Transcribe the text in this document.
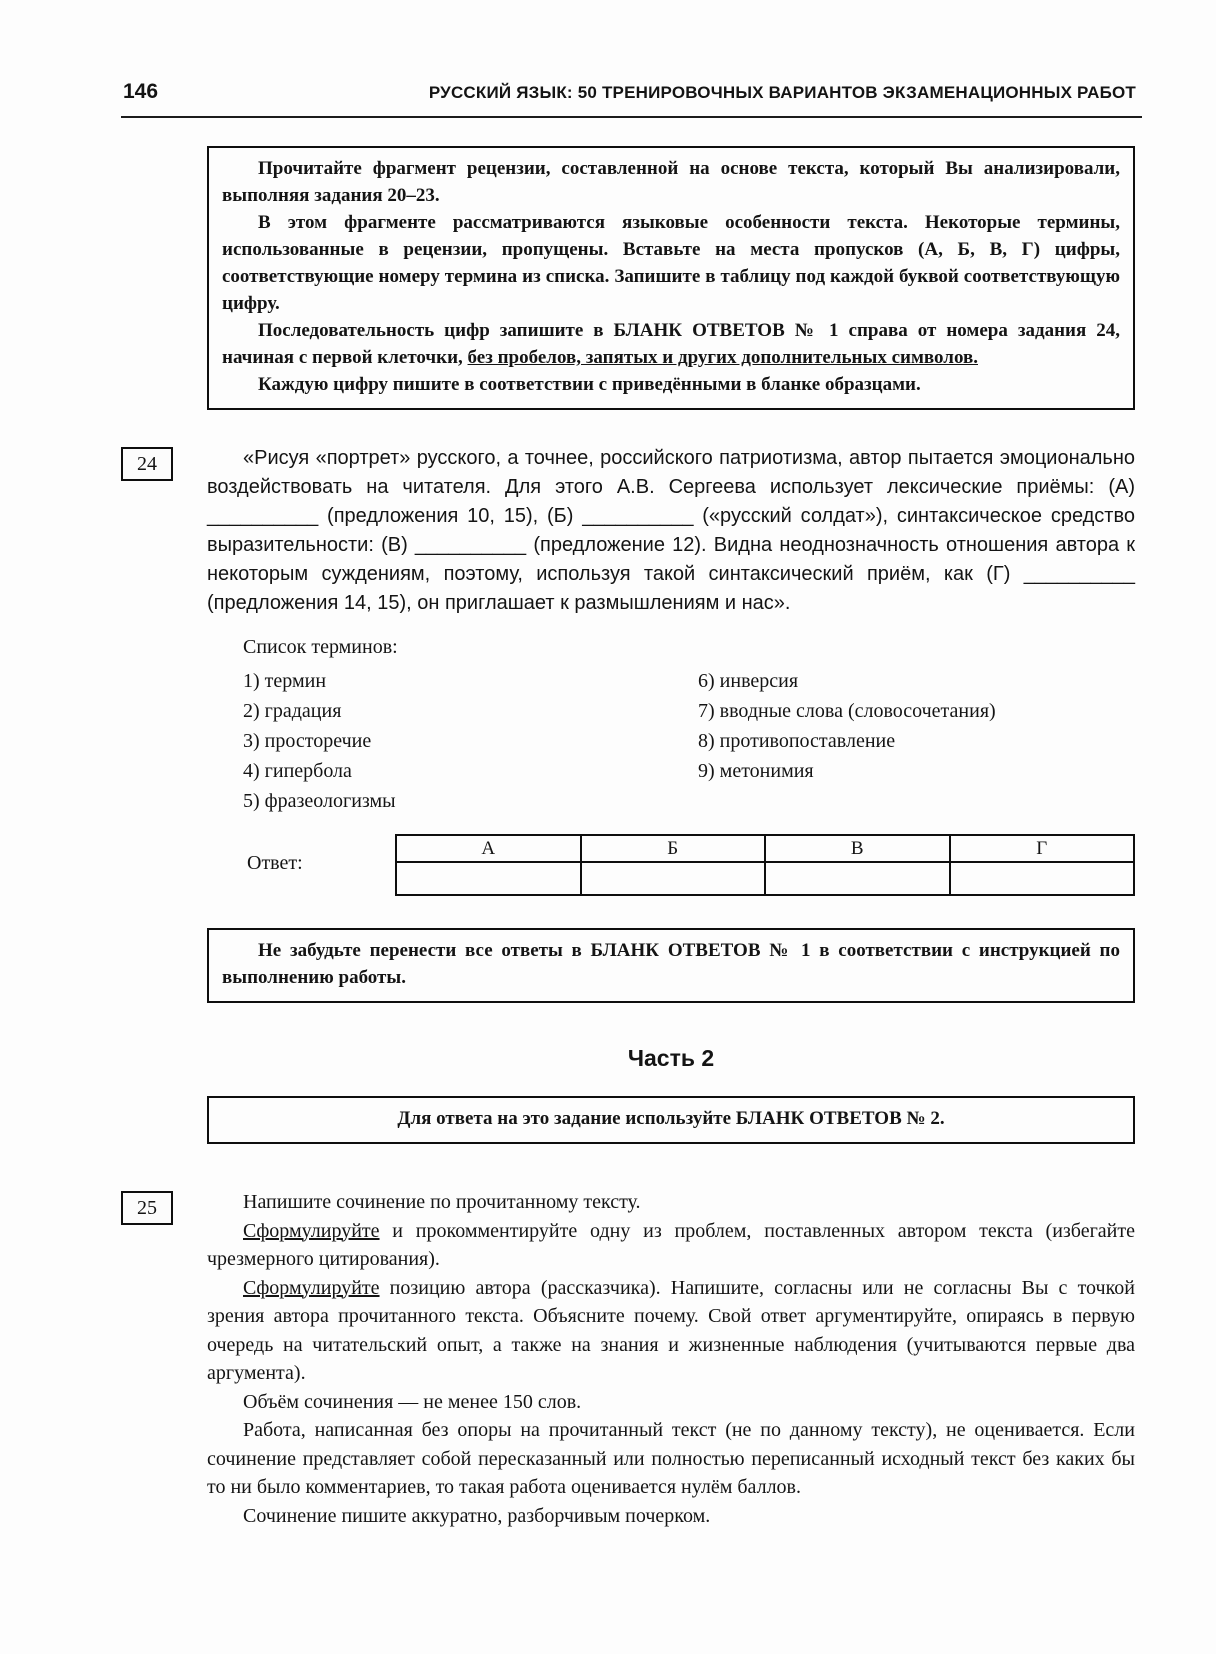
146	РУССКИЙ ЯЗЫК: 50 ТРЕНИРОВОЧНЫХ ВАРИАНТОВ ЭКЗАМЕНАЦИОННЫХ РАБОТ

Прочитайте фрагмент рецензии, составленной на основе текста, который Вы анализировали, выполняя задания 20–23.

В этом фрагменте рассматриваются языковые особенности текста. Некоторые термины, использованные в рецензии, пропущены. Вставьте на места пропусков (А, Б, В, Г) цифры, соответствующие номеру термина из списка. Запишите в таблицу под каждой буквой соответствующую цифру.

Последовательность цифр запишите в БЛАНК ОТВЕТОВ № 1 справа от номера задания 24, начиная с первой клеточки, без пробелов, запятых и других дополнительных символов.

Каждую цифру пишите в соответствии с приведёнными в бланке образцами.

24	«Рисуя «портрет» русского, а точнее, российского патриотизма, автор пытается эмоционально воздействовать на читателя. Для этого А.В. Сергеева использует лексические приёмы: (А) __________ (предложения 10, 15), (Б) __________ («русский солдат»), синтаксическое средство выразительности: (В) __________ (предложение 12). Видна неоднозначность отношения автора к некоторым суждениям, поэтому, используя такой синтаксический приём, как (Г) __________ (предложения 14, 15), он приглашает к размышлениям и нас».

Список терминов:

1) термин
2) градация
3) просторечие
4) гипербола
5) фразеологизмы
6) инверсия
7) вводные слова (словосочетания)
8) противопоставление
9) метонимия
Ответ:
А	Б	В	Г

Не забудьте перенести все ответы в БЛАНК ОТВЕТОВ № 1 в соответствии с инструкцией по выполнению работы.

Часть 2

Для ответа на это задание используйте БЛАНК ОТВЕТОВ № 2.

25	Напишите сочинение по прочитанному тексту.

Сформулируйте и прокомментируйте одну из проблем, поставленных автором текста (избегайте чрезмерного цитирования).

Сформулируйте позицию автора (рассказчика). Напишите, согласны или не согласны Вы с точкой зрения автора прочитанного текста. Объясните почему. Свой ответ аргументируйте, опираясь в первую очередь на читательский опыт, а также на знания и жизненные наблюдения (учитываются первые два аргумента).

Объём сочинения — не менее 150 слов.

Работа, написанная без опоры на прочитанный текст (не по данному тексту), не оценивается. Если сочинение представляет собой пересказанный или полностью переписанный исходный текст без каких бы то ни было комментариев, то такая работа оценивается нулём баллов.

Сочинение пишите аккуратно, разборчивым почерком.
